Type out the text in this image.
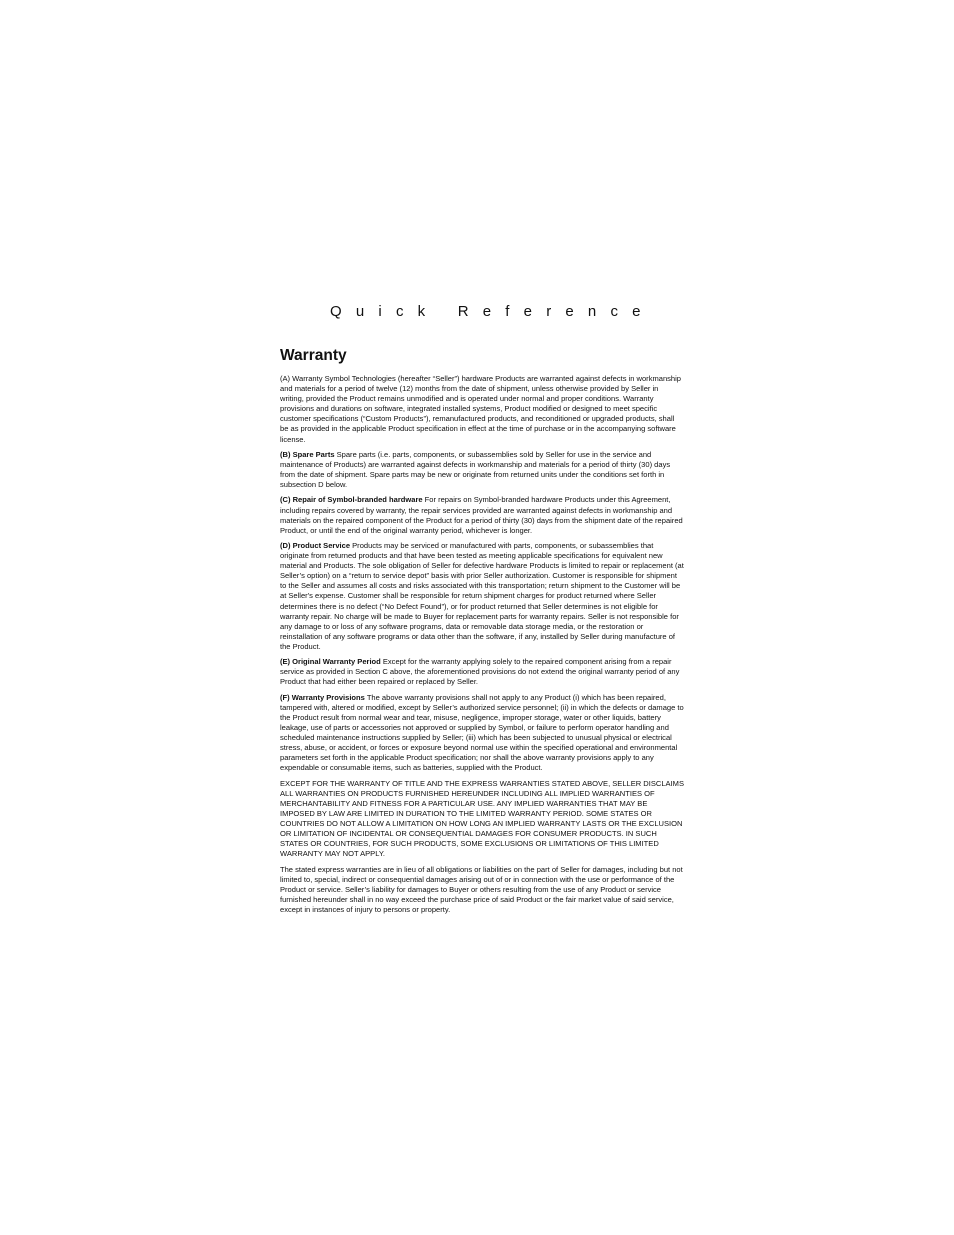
Quick Reference
Warranty

(A) Warranty Symbol Technologies (hereafter “Seller”) hardware Products are warranted against defects in workmanship and materials for a period of twelve (12) months from the date of shipment, unless otherwise provided by Seller in writing, provided the Product remains unmodified and is operated under normal and proper conditions. Warranty provisions and durations on software, integrated installed systems, Product modified or designed to meet specific customer specifications (“Custom Products”), remanufactured products, and reconditioned or upgraded products, shall be as provided in the applicable Product specification in effect at the time of purchase or in the accompanying software license.

(B) Spare Parts Spare parts (i.e. parts, components, or subassemblies sold by Seller for use in the service and maintenance of Products) are warranted against defects in workmanship and materials for a period of thirty (30) days from the date of shipment. Spare parts may be new or originate from returned units under the conditions set forth in subsection D below.

(C) Repair of Symbol-branded hardware For repairs on Symbol-branded hardware Products under this Agreement, including repairs covered by warranty, the repair services provided are warranted against defects in workmanship and materials on the repaired component of the Product for a period of thirty (30) days from the shipment date of the repaired Product, or until the end of the original warranty period, whichever is longer.

(D) Product Service Products may be serviced or manufactured with parts, components, or subassemblies that originate from returned products and that have been tested as meeting applicable specifications for equivalent new material and Products. The sole obligation of Seller for defective hardware Products is limited to repair or replacement (at Seller’s option) on a “return to service depot” basis with prior Seller authorization. Customer is responsible for shipment to the Seller and assumes all costs and risks associated with this transportation; return shipment to the Customer will be at Seller's expense. Customer shall be responsible for return shipment charges for product returned where Seller determines there is no defect (“No Defect Found”), or for product returned that Seller determines is not eligible for warranty repair. No charge will be made to Buyer for replacement parts for warranty repairs. Seller is not responsible for any damage to or loss of any software programs, data or removable data storage media, or the restoration or reinstallation of any software programs or data other than the software, if any, installed by Seller during manufacture of the Product.

(E) Original Warranty Period Except for the warranty applying solely to the repaired component arising from a repair service as provided in Section C above, the aforementioned provisions do not extend the original warranty period of any Product that had either been repaired or replaced by Seller.

(F) Warranty Provisions The above warranty provisions shall not apply to any Product (i) which has been repaired, tampered with, altered or modified, except by Seller’s authorized service personnel; (ii) in which the defects or damage to the Product result from normal wear and tear, misuse, negligence, improper storage, water or other liquids, battery leakage, use of parts or accessories not approved or supplied by Symbol, or failure to perform operator handling and scheduled maintenance instructions supplied by Seller; (iii) which has been subjected to unusual physical or electrical stress, abuse, or accident, or forces or exposure beyond normal use within the specified operational and environmental parameters set forth in the applicable Product specification; nor shall the above warranty provisions apply to any expendable or consumable items, such as batteries, supplied with the Product.

EXCEPT FOR THE WARRANTY OF TITLE AND THE EXPRESS WARRANTIES STATED ABOVE, SELLER DISCLAIMS ALL WARRANTIES ON PRODUCTS FURNISHED HEREUNDER INCLUDING ALL IMPLIED WARRANTIES OF MERCHANTABILITY AND FITNESS FOR A PARTICULAR USE. ANY IMPLIED WARRANTIES THAT MAY BE IMPOSED BY LAW ARE LIMITED IN DURATION TO THE LIMITED WARRANTY PERIOD. SOME STATES OR COUNTRIES DO NOT ALLOW A LIMITATION ON HOW LONG AN IMPLIED WARRANTY LASTS OR THE EXCLUSION OR LIMITATION OF INCIDENTAL OR CONSEQUENTIAL DAMAGES FOR CONSUMER PRODUCTS. IN SUCH STATES OR COUNTRIES, FOR SUCH PRODUCTS, SOME EXCLUSIONS OR LIMITATIONS OF THIS LIMITED WARRANTY MAY NOT APPLY.

The stated express warranties are in lieu of all obligations or liabilities on the part of Seller for damages, including but not limited to, special, indirect or consequential damages arising out of or in connection with the use or performance of the Product or service. Seller’s liability for damages to Buyer or others resulting from the use of any Product or service furnished hereunder shall in no way exceed the purchase price of said Product or the fair market value of said service, except in instances of injury to persons or property.
